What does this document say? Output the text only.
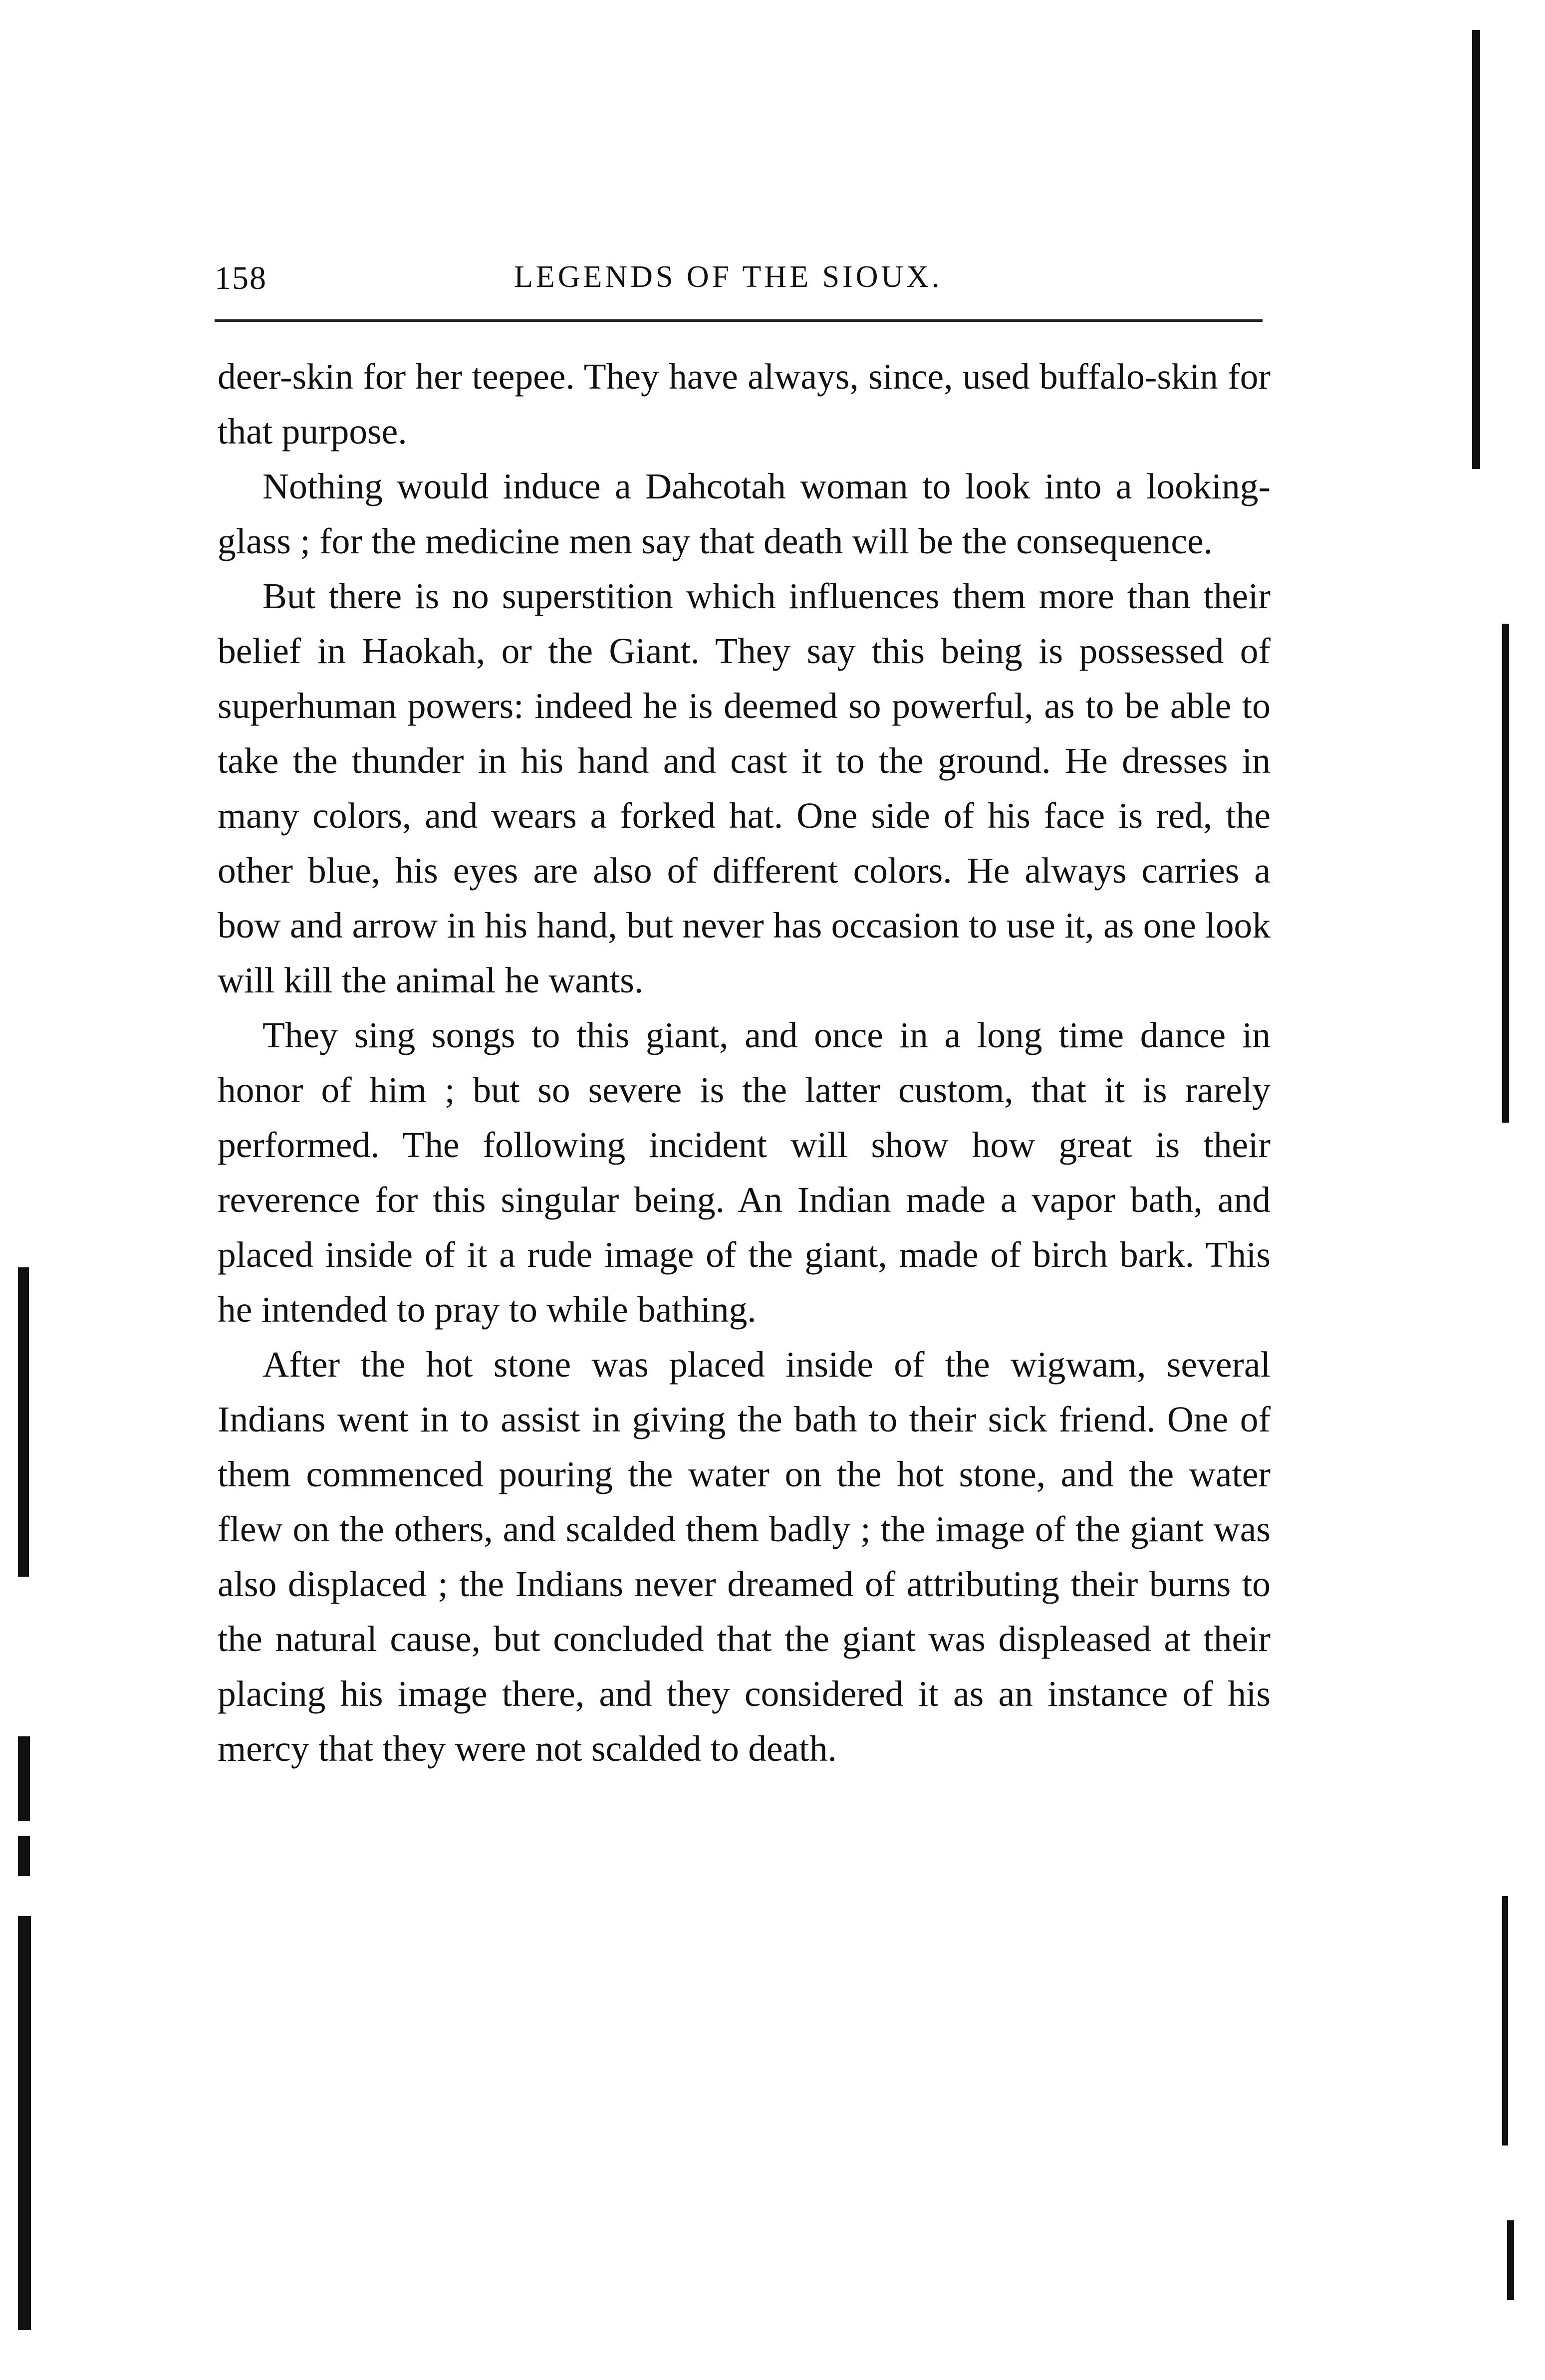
158	LEGENDS OF THE SIOUX.

deer-skin for her teepee. They have always, since, used buffalo-skin for that purpose.

Nothing would induce a Dahcotah woman to look into a looking-glass ; for the medicine men say that death will be the consequence.

But there is no superstition which influences them more than their belief in Haokah, or the Giant. They say this being is possessed of superhuman powers: indeed he is deemed so powerful, as to be able to take the thunder in his hand and cast it to the ground. He dresses in many colors, and wears a forked hat. One side of his face is red, the other blue, his eyes are also of different colors. He always carries a bow and arrow in his hand, but never has occasion to use it, as one look will kill the animal he wants.

They sing songs to this giant, and once in a long time dance in honor of him ; but so severe is the latter custom, that it is rarely performed. The following incident will show how great is their reverence for this singular being. An Indian made a vapor bath, and placed inside of it a rude image of the giant, made of birch bark. This he intended to pray to while bathing.

After the hot stone was placed inside of the wigwam, several Indians went in to assist in giving the bath to their sick friend. One of them commenced pouring the water on the hot stone, and the water flew on the others, and scalded them badly ; the image of the giant was also displaced ; the Indians never dreamed of attributing their burns to the natural cause, but concluded that the giant was displeased at their placing his image there, and they considered it as an instance of his mercy that they were not scalded to death.
